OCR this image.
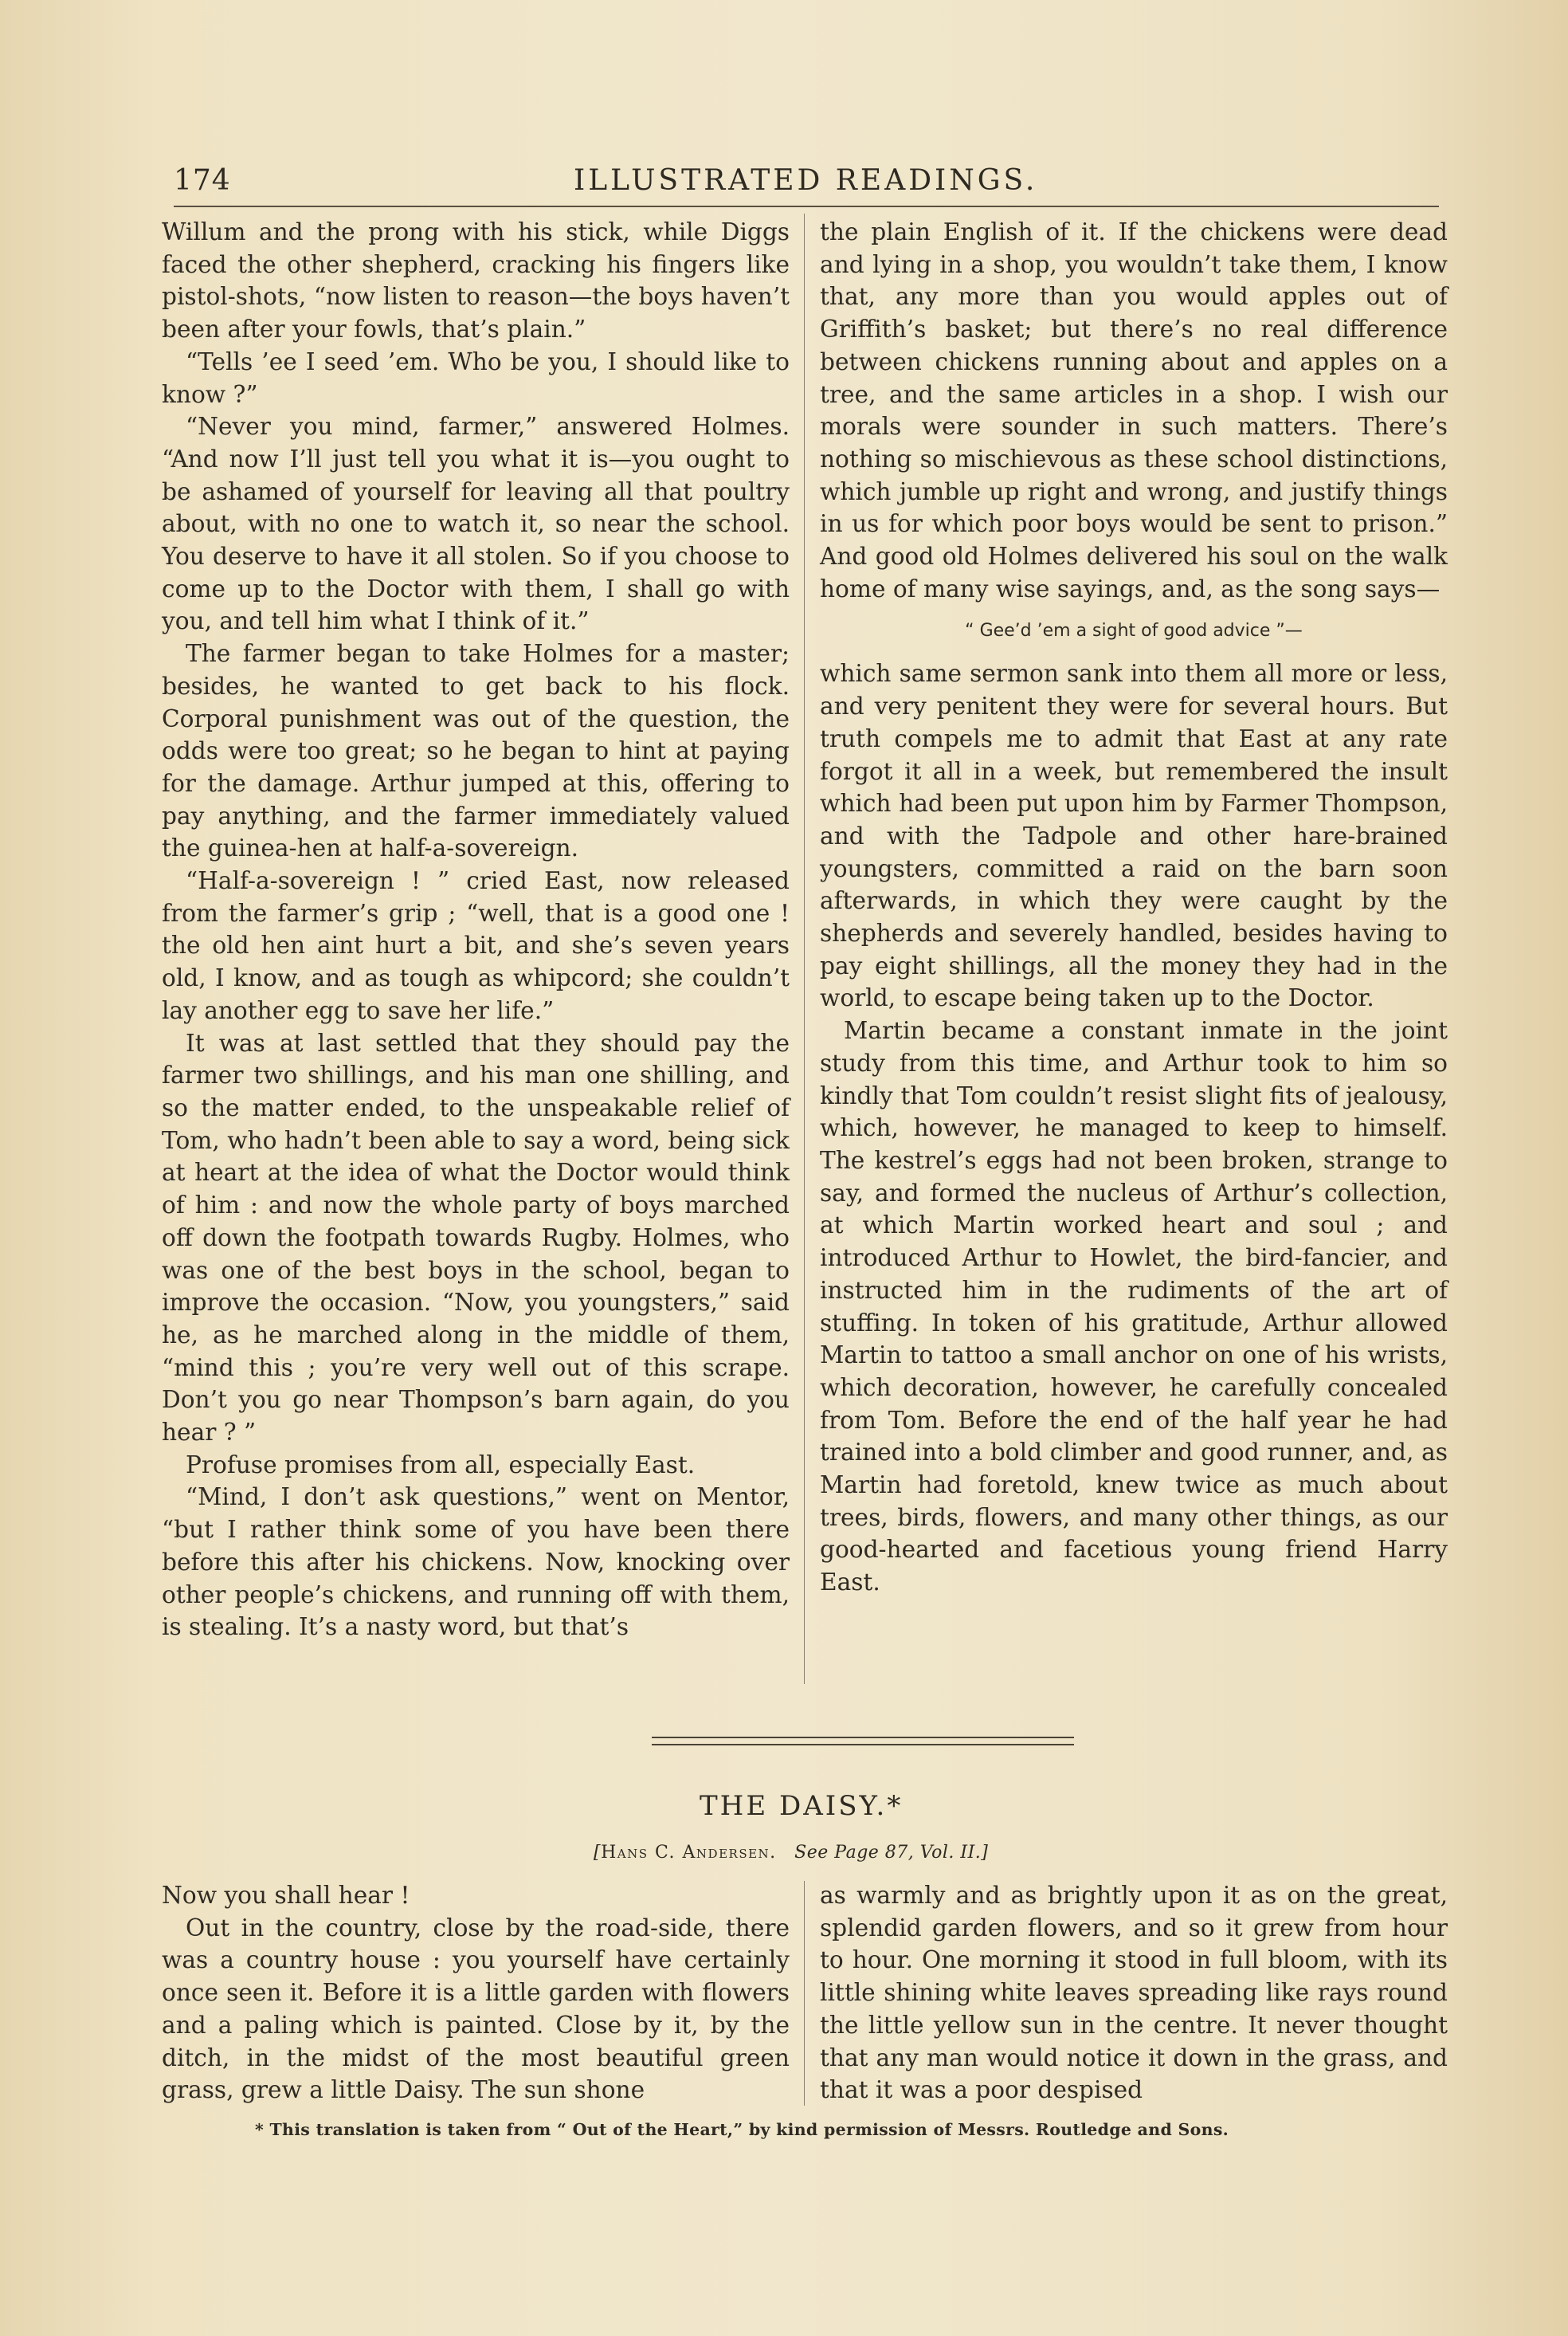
174	ILLUSTRATED READINGS.

Willum and the prong with his stick, while Diggs faced the other shepherd, cracking his fingers like pistol-shots, “now listen to reason—the boys haven’t been after your fowls, that’s plain.”

“Tells ’ee I seed ’em. Who be you, I should like to know ?”

“Never you mind, farmer,” answered Holmes. “And now I’ll just tell you what it is—you ought to be ashamed of yourself for leaving all that poultry about, with no one to watch it, so near the school. You deserve to have it all stolen. So if you choose to come up to the Doctor with them, I shall go with you, and tell him what I think of it.”

The farmer began to take Holmes for a master; besides, he wanted to get back to his flock. Corporal punishment was out of the question, the odds were too great; so he began to hint at paying for the damage. Arthur jumped at this, offering to pay anything, and the farmer immediately valued the guinea-hen at half-a-sovereign.

“Half-a-sovereign ! ” cried East, now released from the farmer’s grip ; “well, that is a good one ! the old hen aint hurt a bit, and she’s seven years old, I know, and as tough as whipcord; she couldn’t lay another egg to save her life.”

It was at last settled that they should pay the farmer two shillings, and his man one shilling, and so the matter ended, to the unspeakable relief of Tom, who hadn’t been able to say a word, being sick at heart at the idea of what the Doctor would think of him : and now the whole party of boys marched off down the footpath towards Rugby. Holmes, who was one of the best boys in the school, began to improve the occasion. “Now, you youngsters,” said he, as he marched along in the middle of them, “mind this ; you’re very well out of this scrape. Don’t you go near Thompson’s barn again, do you hear ? ”

Profuse promises from all, especially East.

“Mind, I don’t ask questions,” went on Mentor, “but I rather think some of you have been there before this after his chickens. Now, knocking over other people’s chickens, and running off with them, is stealing. It’s a nasty word, but that’s

the plain English of it. If the chickens were dead and lying in a shop, you wouldn’t take them, I know that, any more than you would apples out of Griffith’s basket; but there’s no real difference between chickens running about and apples on a tree, and the same articles in a shop. I wish our morals were sounder in such matters. There’s nothing so mischievous as these school distinctions, which jumble up right and wrong, and justify things in us for which poor boys would be sent to prison.” And good old Holmes delivered his soul on the walk home of many wise sayings, and, as the song says—

“ Gee’d ’em a sight of good advice ”—

which same sermon sank into them all more or less, and very penitent they were for several hours. But truth compels me to admit that East at any rate forgot it all in a week, but remembered the insult which had been put upon him by Farmer Thompson, and with the Tadpole and other hare-brained youngsters, committed a raid on the barn soon afterwards, in which they were caught by the shepherds and severely handled, besides having to pay eight shillings, all the money they had in the world, to escape being taken up to the Doctor.

Martin became a constant inmate in the joint study from this time, and Arthur took to him so kindly that Tom couldn’t resist slight fits of jealousy, which, however, he managed to keep to himself. The kestrel’s eggs had not been broken, strange to say, and formed the nucleus of Arthur’s collection, at which Martin worked heart and soul ; and introduced Arthur to Howlet, the bird-fancier, and instructed him in the rudiments of the art of stuffing. In token of his gratitude, Arthur allowed Martin to tattoo a small anchor on one of his wrists, which decoration, however, he carefully concealed from Tom. Before the end of the half year he had trained into a bold climber and good runner, and, as Martin had foretold, knew twice as much about trees, birds, flowers, and many other things, as our good-hearted and facetious young friend Harry East.

THE DAISY.*
[Hans C. Andersen. See Page 87, Vol. II.]

Now you shall hear !

Out in the country, close by the road-side, there was a country house : you yourself have certainly once seen it. Before it is a little garden with flowers and a paling which is painted. Close by it, by the ditch, in the midst of the most beautiful green grass, grew a little Daisy. The sun shone

as warmly and as brightly upon it as on the great, splendid garden flowers, and so it grew from hour to hour. One morning it stood in full bloom, with its little shining white leaves spreading like rays round the little yellow sun in the centre. It never thought that any man would notice it down in the grass, and that it was a poor despised

* This translation is taken from “ Out of the Heart,” by kind permission of Messrs. Routledge and Sons.
